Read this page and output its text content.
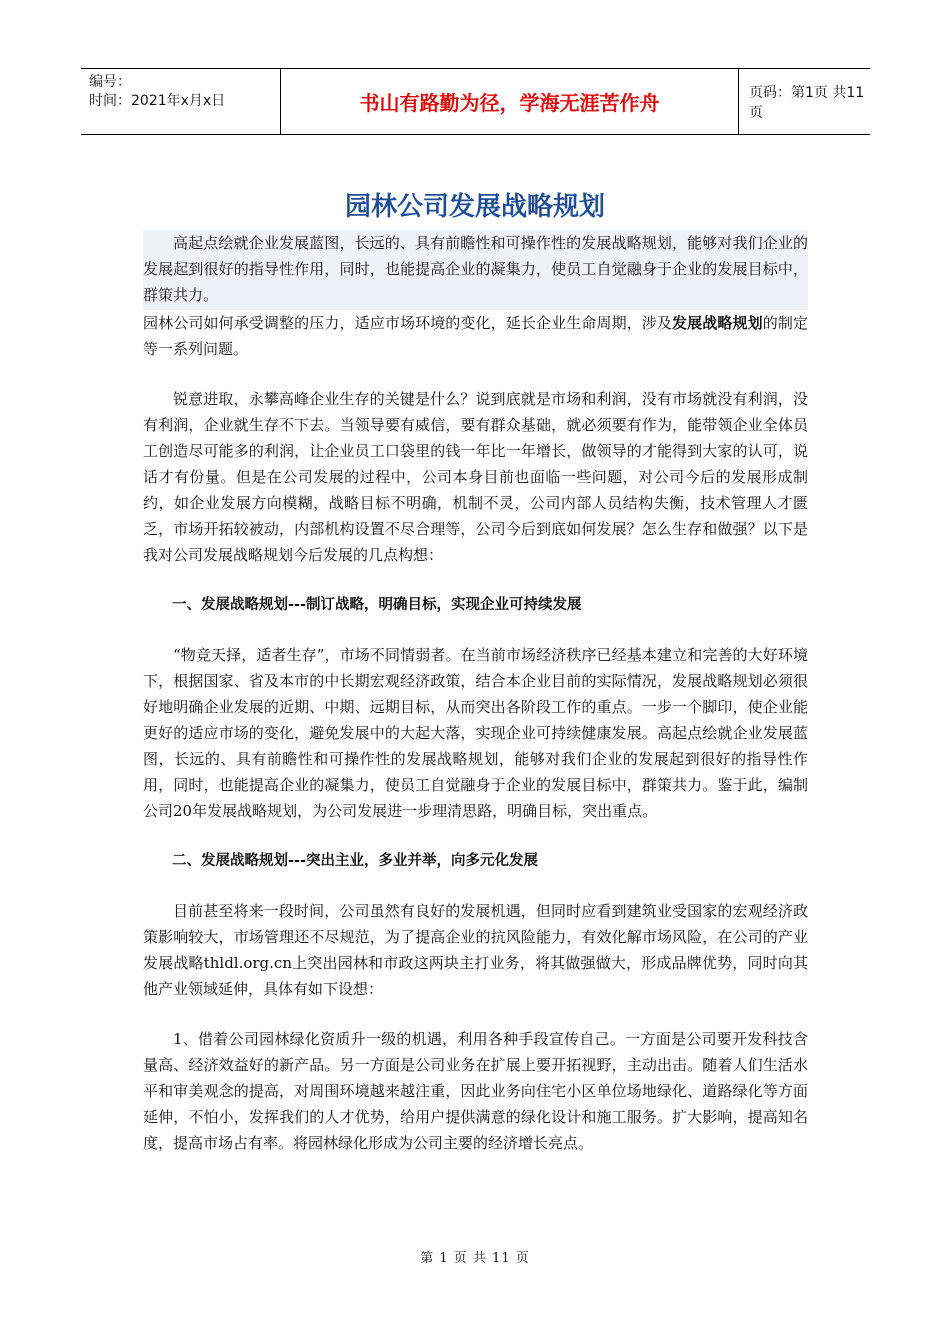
编号：
时间：2021年x月x日	书山有路勤为径，学海无涯苦作舟	页码：第1页 共11页
园林公司发展战略规划

高起点绘就企业发展蓝图，长远的、具有前瞻性和可操作性的发展战略规划，能够对我们企业的发展起到很好的指导性作用，同时，也能提高企业的凝集力，使员工自觉融身于企业的发展目标中，群策共力。

园林公司如何承受调整的压力，适应市场环境的变化，延长企业生命周期，涉及发展战略规划的制定等一系列问题。

锐意进取，永攀高峰企业生存的关键是什么？说到底就是市场和利润，没有市场就没有利润，没有利润，企业就生存不下去。当领导要有威信，要有群众基础，就必须要有作为，能带领企业全体员工创造尽可能多的利润，让企业员工口袋里的钱一年比一年增长，做领导的才能得到大家的认可，说话才有份量。但是在公司发展的过程中，公司本身目前也面临一些问题，对公司今后的发展形成制约，如企业发展方向模糊，战略目标不明确，机制不灵，公司内部人员结构失衡，技术管理人才匮乏，市场开拓较被动，内部机构设置不尽合理等，公司今后到底如何发展？怎么生存和做强？以下是我对公司发展战略规划今后发展的几点构想：

一、发展战略规划---制订战略，明确目标，实现企业可持续发展

“物竞天择，适者生存”，市场不同情弱者。在当前市场经济秩序已经基本建立和完善的大好环境下，根据国家、省及本市的中长期宏观经济政策，结合本企业目前的实际情况，发展战略规划必须很好地明确企业发展的近期、中期、远期目标，从而突出各阶段工作的重点。一步一个脚印，使企业能更好的适应市场的变化，避免发展中的大起大落，实现企业可持续健康发展。高起点绘就企业发展蓝图，长远的、具有前瞻性和可操作性的发展战略规划，能够对我们企业的发展起到很好的指导性作用，同时，也能提高企业的凝集力，使员工自觉融身于企业的发展目标中，群策共力。鉴于此，编制公司20年发展战略规划，为公司发展进一步理清思路，明确目标，突出重点。

二、发展战略规划---突出主业，多业并举，向多元化发展

目前甚至将来一段时间，公司虽然有良好的发展机遇，但同时应看到建筑业受国家的宏观经济政策影响较大，市场管理还不尽规范，为了提高企业的抗风险能力，有效化解市场风险，在公司的产业发展战略thldl.org.cn上突出园林和市政这两块主打业务，将其做强做大，形成品牌优势，同时向其他产业领域延伸，具体有如下设想：

1、借着公司园林绿化资质升一级的机遇，利用各种手段宣传自己。一方面是公司要开发科技含量高、经济效益好的新产品。另一方面是公司业务在扩展上要开拓视野，主动出击。随着人们生活水平和审美观念的提高，对周围环境越来越注重，因此业务向住宅小区单位场地绿化、道路绿化等方面延伸，不怕小，发挥我们的人才优势，给用户提供满意的绿化设计和施工服务。扩大影响，提高知名度，提高市场占有率。将园林绿化形成为公司主要的经济增长亮点。

第 1 页 共 11 页
